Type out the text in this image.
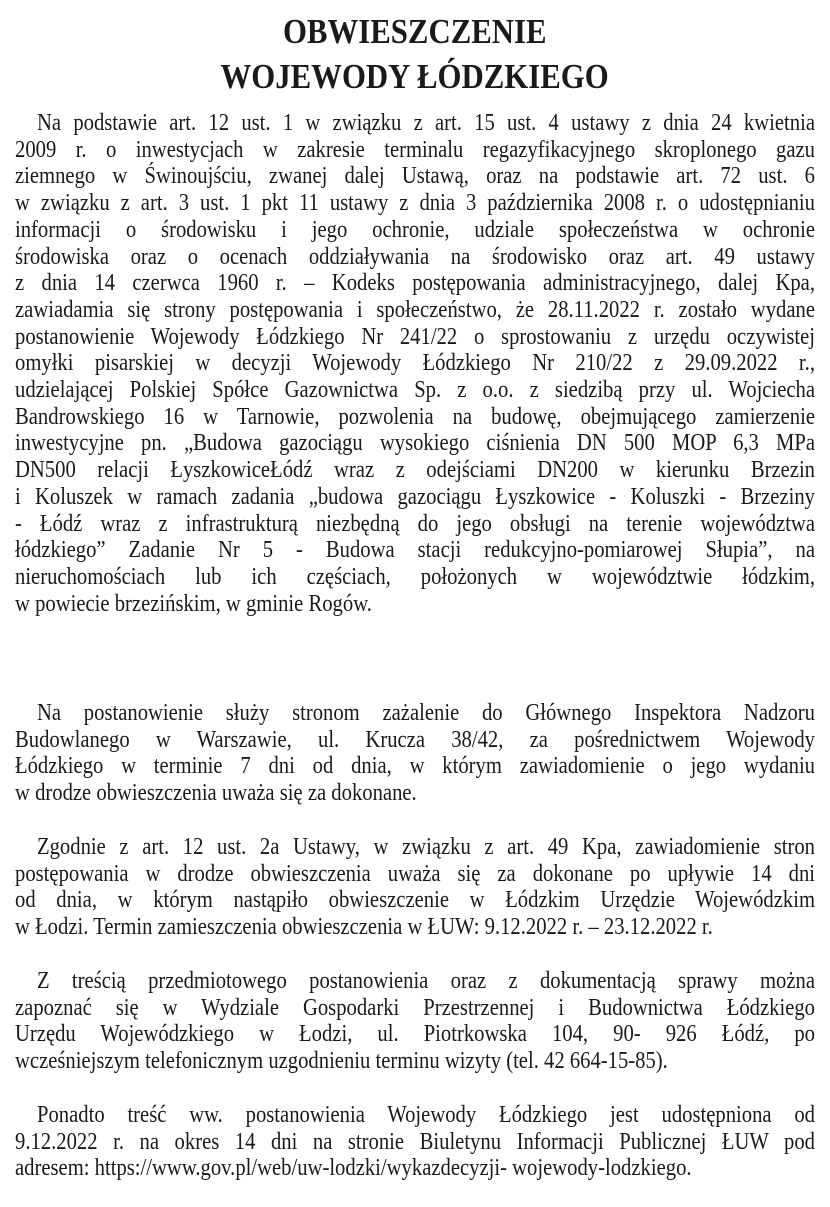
OBWIESZCZENIE
WOJEWODY ŁÓDZKIEGO
Na podstawie art. 12 ust. 1 w związku z art. 15 ust. 4 ustawy z dnia 24 kwietnia
2009 r. o inwestycjach w zakresie terminalu regazyfikacyjnego skroplonego gazu
ziemnego w Świnoujściu, zwanej dalej Ustawą, oraz na podstawie art. 72 ust. 6
w związku z art. 3 ust. 1 pkt 11 ustawy z dnia 3 października 2008 r. o udostępnianiu
informacji o środowisku i jego ochronie, udziale społeczeństwa w ochronie
środowiska oraz o ocenach oddziaływania na środowisko oraz art. 49 ustawy
z dnia 14 czerwca 1960 r. – Kodeks postępowania administracyjnego, dalej Kpa,
zawiadamia się strony postępowania i społeczeństwo, że 28.11.2022 r. zostało wydane
postanowienie Wojewody Łódzkiego Nr 241/22 o sprostowaniu z urzędu oczywistej
omyłki pisarskiej w decyzji Wojewody Łódzkiego Nr 210/22 z 29.09.2022 r.,
udzielającej Polskiej Spółce Gazownictwa Sp. z o.o. z siedzibą przy ul. Wojciecha
Bandrowskiego 16 w Tarnowie, pozwolenia na budowę, obejmującego zamierzenie
inwestycyjne pn. „Budowa gazociągu wysokiego ciśnienia DN 500 MOP 6,3 MPa
DN500 relacji ŁyszkowiceŁódź wraz z odejściami DN200 w kierunku Brzezin
i Koluszek w ramach zadania „budowa gazociągu Łyszkowice - Koluszki - Brzeziny
- Łódź wraz z infrastrukturą niezbędną do jego obsługi na terenie województwa
łódzkiego” Zadanie Nr 5 - Budowa stacji redukcyjno-pomiarowej Słupia”, na
nieruchomościach lub ich częściach, położonych w województwie łódzkim,
w powiecie brzezińskim, w gminie Rogów.
Na postanowienie służy stronom zażalenie do Głównego Inspektora Nadzoru
Budowlanego w Warszawie, ul. Krucza 38/42, za pośrednictwem Wojewody
Łódzkiego w terminie 7 dni od dnia, w którym zawiadomienie o jego wydaniu
w drodze obwieszczenia uważa się za dokonane.
Zgodnie z art. 12 ust. 2a Ustawy, w związku z art. 49 Kpa, zawiadomienie stron
postępowania w drodze obwieszczenia uważa się za dokonane po upływie 14 dni
od dnia, w którym nastąpiło obwieszczenie w Łódzkim Urzędzie Wojewódzkim
w Łodzi. Termin zamieszczenia obwieszczenia w ŁUW: 9.12.2022 r. – 23.12.2022 r.
Z treścią przedmiotowego postanowienia oraz z dokumentacją sprawy można
zapoznać się w Wydziale Gospodarki Przestrzennej i Budownictwa Łódzkiego
Urzędu Wojewódzkiego w Łodzi, ul. Piotrkowska 104, 90- 926 Łódź, po
wcześniejszym telefonicznym uzgodnieniu terminu wizyty (tel. 42 664-15-85).
Ponadto treść ww. postanowienia Wojewody Łódzkiego jest udostępniona od
9.12.2022 r. na okres 14 dni na stronie Biuletynu Informacji Publicznej ŁUW pod
adresem: https://www.gov.pl/web/uw-lodzki/wykazdecyzji- wojewody-lodzkiego.
